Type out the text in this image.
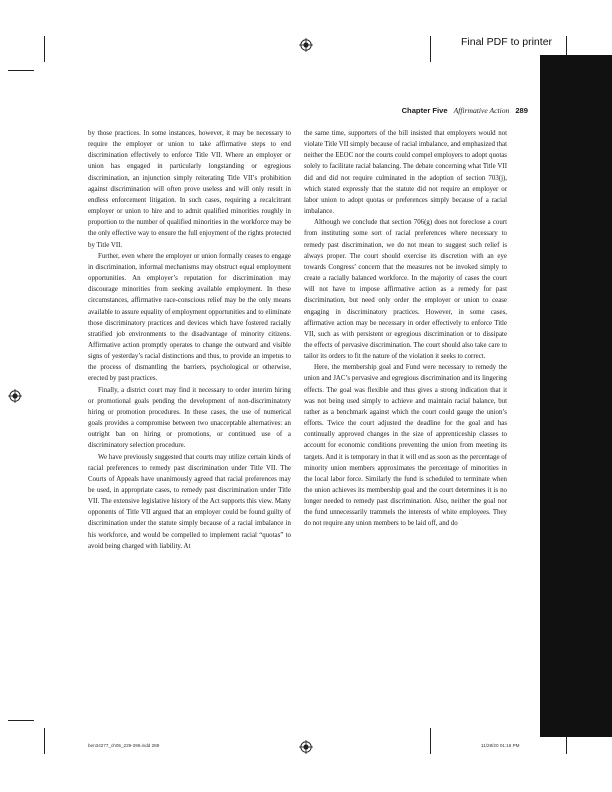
Final PDF to printer
Chapter Five Affirmative Action 289

by those practices. In some instances, however, it may be necessary to require the employer or union to take affirmative steps to end discrimination effectively to enforce Title VII. Where an employer or union has engaged in particularly longstanding or egregious discrimination, an injunction simply reiterating Title VII’s prohibition against discrimination will often prove useless and will only result in endless enforcement litigation. In such cases, requiring a recalcitrant employer or union to hire and to admit qualified minorities roughly in proportion to the number of qualified minorities in the workforce may be the only effective way to ensure the full enjoyment of the rights protected by Title VII.

Further, even where the employer or union formally ceases to engage in discrimination, informal mechanisms may obstruct equal employment opportunities. An employer’s reputation for discrimination may discourage minorities from seeking available employment. In these circumstances, affirmative race-conscious relief may be the only means available to assure equality of employment opportunities and to eliminate those discriminatory practices and devices which have fostered racially stratified job environments to the disadvantage of minority citizens. Affirmative action promptly operates to change the outward and visible signs of yesterday’s racial distinctions and thus, to provide an impetus to the process of dismantling the barriers, psychological or otherwise, erected by past practices.

Finally, a district court may find it necessary to order interim hiring or promotional goals pending the development of non-discriminatory hiring or promotion procedures. In these cases, the use of numerical goals provides a compromise between two unacceptable alternatives: an outright ban on hiring or promotions, or continued use of a discriminatory selection procedure.

We have previously suggested that courts may utilize certain kinds of racial preferences to remedy past discrimination under Title VII. The Courts of Appeals have unanimously agreed that racial preferences may be used, in appropriate cases, to remedy past discrimination under Title VII. The extensive legislative history of the Act supports this view. Many opponents of Title VII argued that an employer could be found guilty of discrimination under the statute simply because of a racial imbalance in his workforce, and would be compelled to implement racial “quotas” to avoid being charged with liability. At

the same time, supporters of the bill insisted that employers would not violate Title VII simply because of racial imbalance, and emphasized that neither the EEOC nor the courts could compel employers to adopt quotas solely to facilitate racial balancing. The debate concerning what Title VII did and did not require culminated in the adoption of section 703(j), which stated expressly that the statute did not require an employer or labor union to adopt quotas or preferences simply because of a racial imbalance.

Although we conclude that section 706(g) does not foreclose a court from instituting some sort of racial preferences where necessary to remedy past discrimination, we do not mean to suggest such relief is always proper. The court should exercise its discretion with an eye towards Congress’ concern that the measures not be invoked simply to create a racially balanced workforce. In the majority of cases the court will not have to impose affirmative action as a remedy for past discrimination, but need only order the employer or union to cease engaging in discriminatory practices. However, in some cases, affirmative action may be necessary in order effectively to enforce Title VII, such as with persistent or egregious discrimination or to dissipate the effects of pervasive discrimination. The court should also take care to tailor its orders to fit the nature of the violation it seeks to correct.

Here, the membership goal and Fund were necessary to remedy the union and JAC’s pervasive and egregious discrimination and its lingering effects. The goal was flexible and thus gives a strong indication that it was not being used simply to achieve and maintain racial balance, but rather as a benchmark against which the court could gauge the union’s efforts. Twice the court adjusted the deadline for the goal and has continually approved changes in the size of apprenticeship classes to account for economic conditions preventing the union from meeting its targets. And it is temporary in that it will end as soon as the percentage of minority union members approximates the percentage of minorities in the local labor force. Similarly the fund is scheduled to terminate when the union achieves its membership goal and the court determines it is no longer needed to remedy past discrimination. Also, neither the goal nor the fund unnecessarily trammels the interests of white employees. They do not require any union members to be laid off, and do

ben34277_ch05_229-296.indd 289	11/28/20 01:16 PM
